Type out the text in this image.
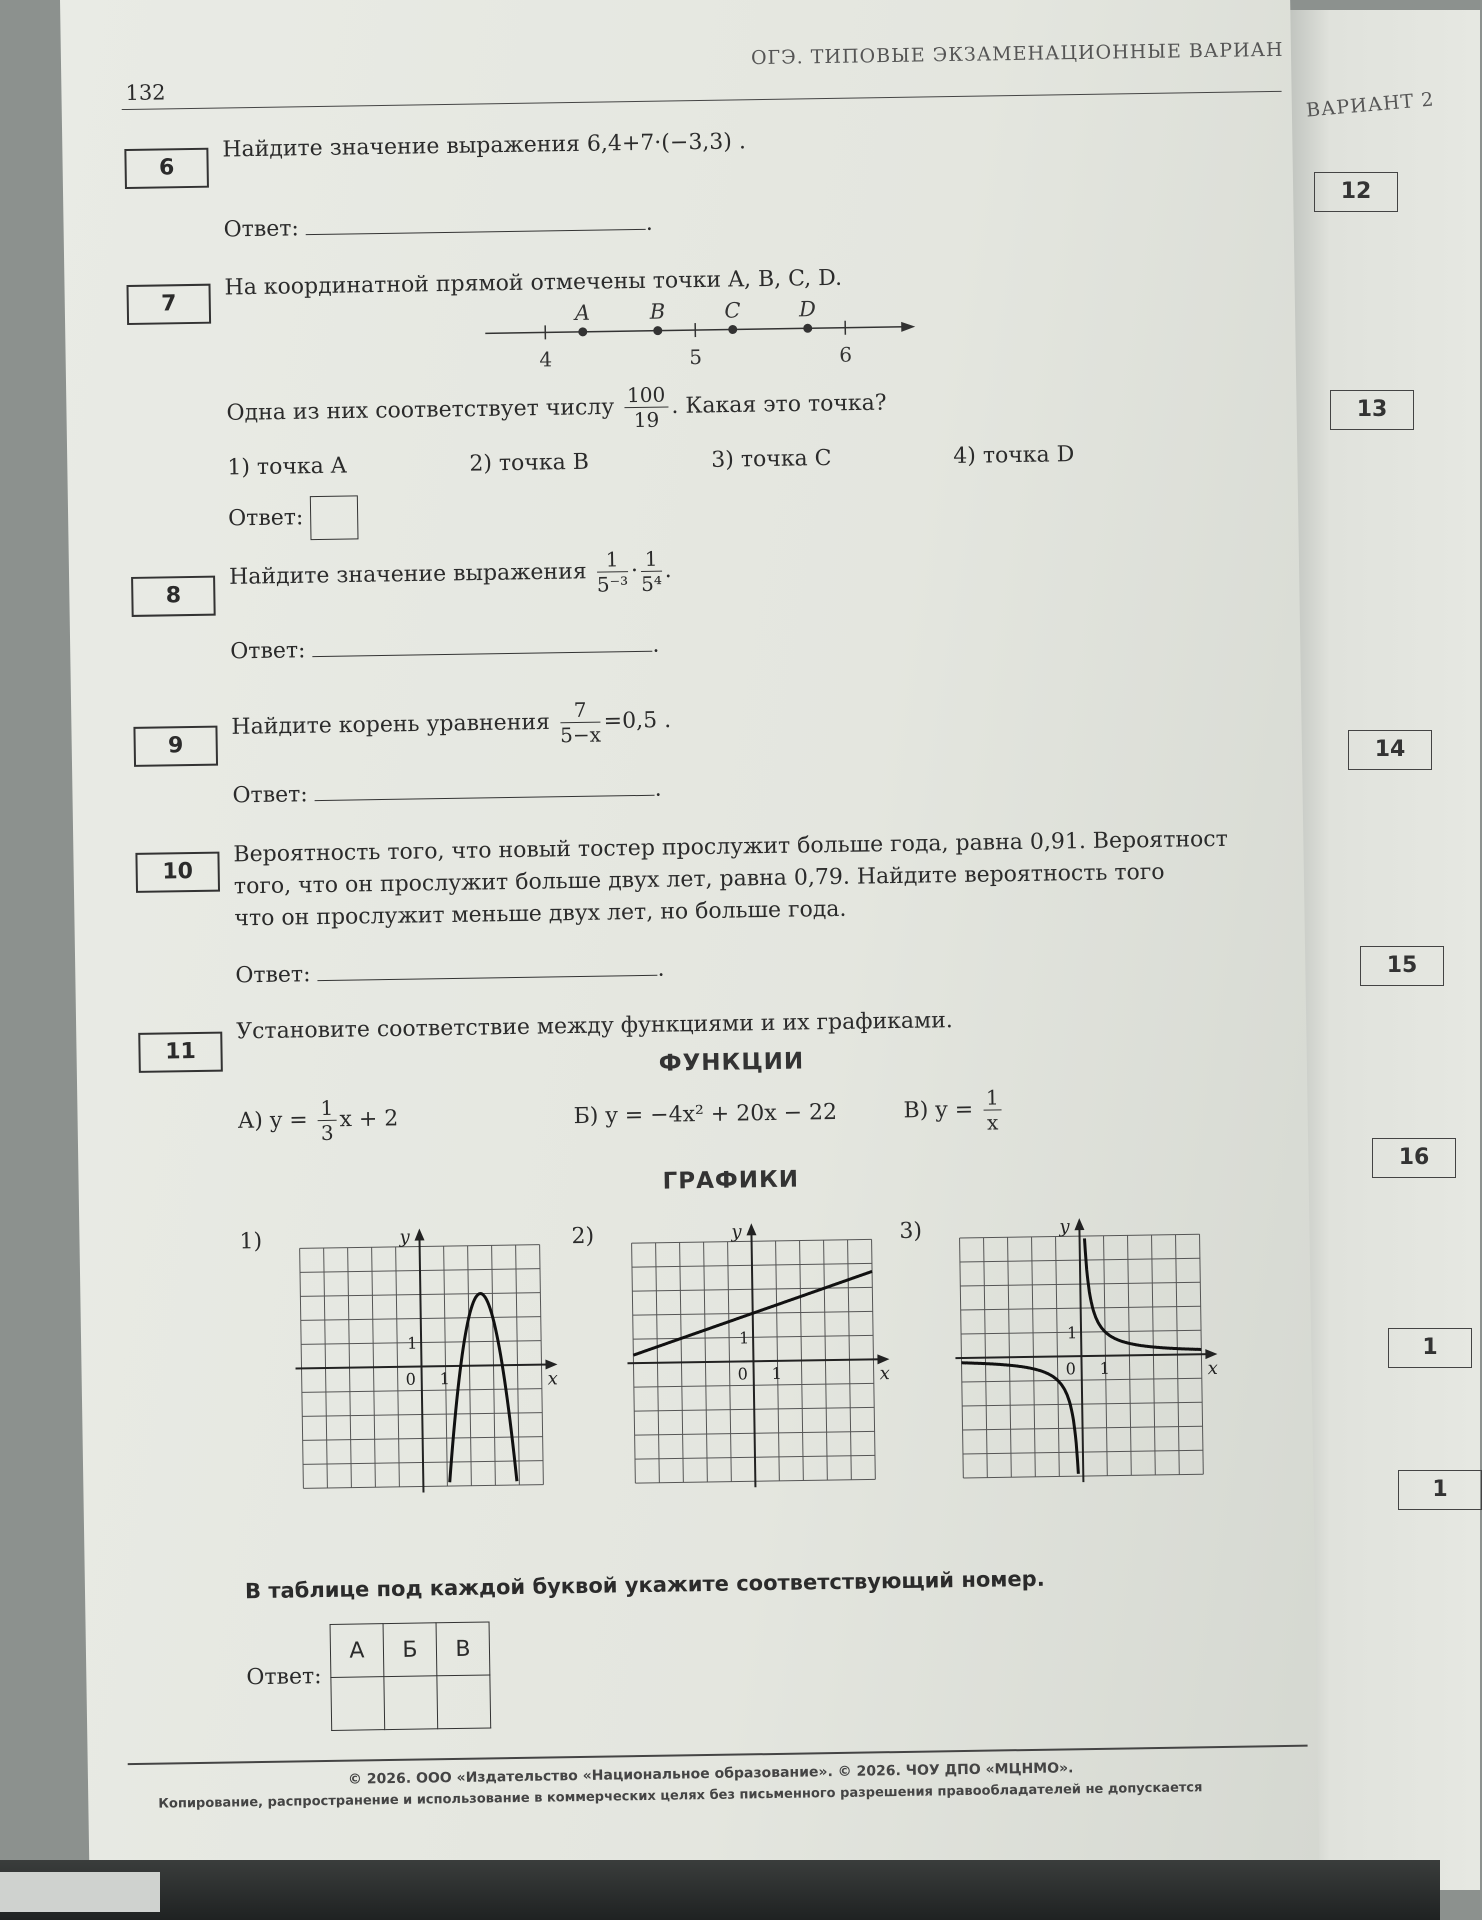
ВАРИАНТ 2
12
13
14
15
16
1
1
132
ОГЭ. ТИПОВЫЕ ЭКЗАМЕНАЦИОННЫЕ ВАРИАН
6
Найдите значение выражения 6,4+7·(−3,3) .
Ответ:	.
7
На координатной прямой отмечены точки A, B, C, D.
4	5	6
A	B	C	D
Одна из них соответствует числу $\frac{100}{19}$ . Какая это точка?
1) точка A	2) точка B	3) точка C	4) точка D
Ответ:
8
Найдите значение выражения $\frac{1}{\text{5⁻³}} \cdot \frac{1}{\text{5⁴}}$ .
Ответ:	.
9
Найдите корень уравнения $\frac{7}{5-x} =0,5$ .
Ответ:	.
10
Вероятность того, что новый тостер прослужит больше года, равна 0,91. Вероятност
того, что он прослужит больше двух лет, равна 0,79. Найдите вероятность того
что он прослужит меньше двух лет, но больше года.
Ответ:	.
11
Установите соответствие между функциями и их графиками.
ФУНКЦИИ
А) $y = \frac{1}{3}$ x + 2	Б) y = −4x² + 20x − 22	В) $y = \frac{1}{x}$
ГРАФИКИ
1)	2)	3)
y
x
0 1
1
y
x
0 1
1
y
x
0 1
1
В таблице под каждой буквой укажите соответствующий номер.
Ответ:
А	Б	В

© 2026. ООО «Издательство «Национальное образование». © 2026. ЧОУ ДПО «МЦНМО».
Копирование, распространение и использование в коммерческих целях без письменного разрешения правообладателей не допускается
